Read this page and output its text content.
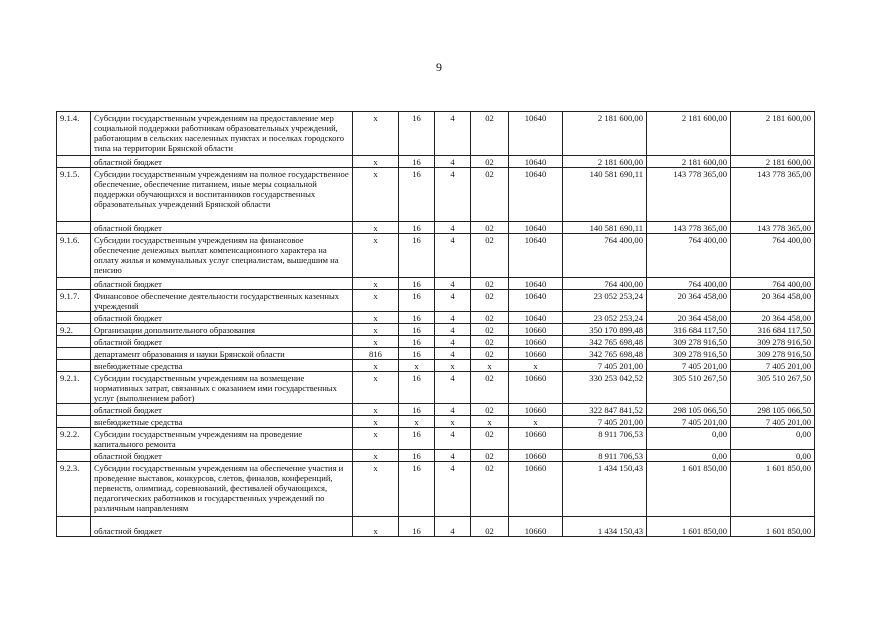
9
9.1.4.	Субсидии государственным учреждениям на предоставление мер социальной поддержки работникам образовательных учреждений, работающим в сельских населенных пунктах и поселках городского типа на территории Брянской области	х	16	4	02	10640	2 181 600,00	2 181 600,00	2 181 600,00
	областной бюджет	х	16	4	02	10640	2 181 600,00	2 181 600,00	2 181 600,00
9.1.5.	Субсидии государственным учреждениям на полное государственное обеспечение, обеспечение питанием, иные меры социальной поддержки обучающихся и воспитанников государственных образовательных учреждений Брянской области	х	16	4	02	10640	140 581 690,11	143 778 365,00	143 778 365,00
	областной бюджет	х	16	4	02	10640	140 581 690,11	143 778 365,00	143 778 365,00
9.1.6.	Субсидии государственным учреждениям на финансовое обеспечение денежных выплат компенсационного характера на оплату жилья и коммунальных услуг специалистам, вышедшим на пенсию	х	16	4	02	10640	764 400,00	764 400,00	764 400,00
	областной бюджет	х	16	4	02	10640	764 400,00	764 400,00	764 400,00
9.1.7.	Финансовое обеспечение деятельности государственных казенных учреждений	х	16	4	02	10640	23 052 253,24	20 364 458,00	20 364 458,00
	областной бюджет	х	16	4	02	10640	23 052 253,24	20 364 458,00	20 364 458,00
9.2.	Организации дополнительного образования	х	16	4	02	10660	350 170 899,48	316 684 117,50	316 684 117,50
	областной бюджет	х	16	4	02	10660	342 765 698,48	309 278 916,50	309 278 916,50
	департамент образования и науки Брянской области	816	16	4	02	10660	342 765 698,48	309 278 916,50	309 278 916,50
	внебюджетные средства	х	х	х	х	х	7 405 201,00	7 405 201,00	7 405 201,00
9.2.1.	Субсидии государственным учреждениям на возмещение нормативных затрат, связанных с оказанием ими государственных услуг (выполнением работ)	х	16	4	02	10660	330 253 042,52	305 510 267,50	305 510 267,50
	областной бюджет	х	16	4	02	10660	322 847 841,52	298 105 066,50	298 105 066,50
	внебюджетные средства	х	х	х	х	х	7 405 201,00	7 405 201,00	7 405 201,00
9.2.2.	Субсидии государственным учреждениям на проведение капитального ремонта	х	16	4	02	10660	8 911 706,53	0,00	0,00
	областной бюджет	х	16	4	02	10660	8 911 706,53	0,00	0,00
9.2.3.	Субсидии государственным учреждениям на обеспечение участия и проведение выставок, конкурсов, слетов, финалов, конференций, первенств, олимпиад, соревнований, фестивалей обучающихся, педагогических работников и государственных учреждений по различным направлениям	х	16	4	02	10660	1 434 150,43	1 601 850,00	1 601 850,00
	областной бюджет	х	16	4	02	10660	1 434 150,43	1 601 850,00	1 601 850,00
